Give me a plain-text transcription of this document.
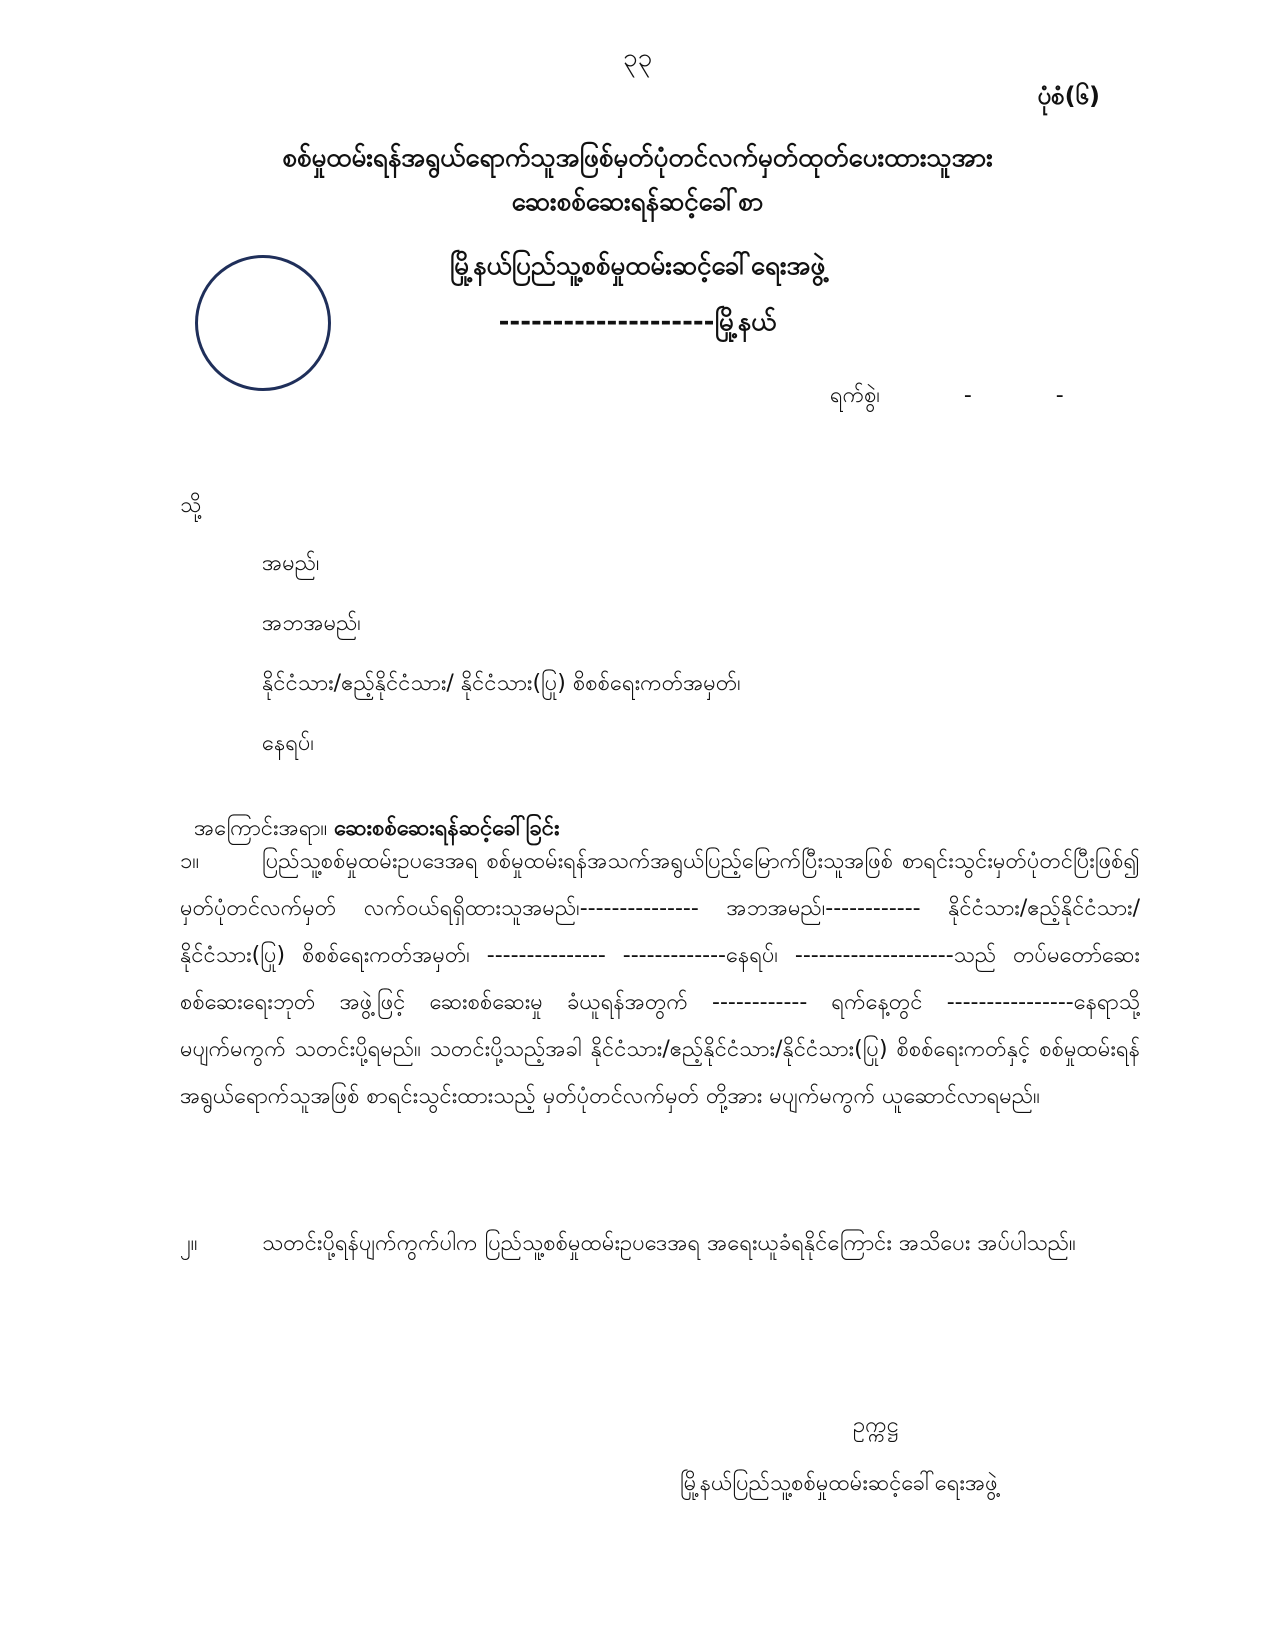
၃၃
ပုံစံ(၆)
စစ်မှုထမ်းရန်အရွယ်ရောက်သူအဖြစ်မှတ်ပုံတင်လက်မှတ်ထုတ်ပေးထားသူအား
ဆေးစစ်ဆေးရန်ဆင့်ခေါ်စာ
မြို့နယ်ပြည်သူ့စစ်မှုထမ်းဆင့်ခေါ်ရေးအဖွဲ့
--------------------မြို့နယ်
ရက်စွဲ၊            -            -
သို့
အမည်၊
အဘအမည်၊
နိုင်ငံသား/ဧည့်နိုင်ငံသား/ နိုင်ငံသား(ပြု) စိစစ်ရေးကတ်အမှတ်၊
နေရပ်၊

အကြောင်းအရာ။ ဆေးစစ်ဆေးရန်ဆင့်ခေါ်ခြင်း

၁။	ပြည်သူ့စစ်မှုထမ်းဥပဒေအရ စစ်မှုထမ်းရန်အသက်အရွယ်ပြည့်မြောက်ပြီးသူအဖြစ် စာရင်းသွင်းမှတ်ပုံတင်ပြီးဖြစ်၍ မှတ်ပုံတင်လက်မှတ် လက်ဝယ်ရရှိထားသူအမည်၊--------------- အဘအမည်၊------------ နိုင်ငံသား/ဧည့်နိုင်ငံသား/ နိုင်ငံသား(ပြု) စိစစ်ရေးကတ်အမှတ်၊ --------------- -------------နေရပ်၊ --------------------သည် တပ်မတော်ဆေးစစ်ဆေးရေးဘုတ် အဖွဲ့ဖြင့် ဆေးစစ်ဆေးမှု ခံယူရန်အတွက် ------------ ရက်နေ့တွင် ----------------နေရာသို့ မပျက်မကွက် သတင်းပို့ရမည်။ သတင်းပို့သည့်အခါ နိုင်ငံသား/ဧည့်နိုင်ငံသား/နိုင်ငံသား(ပြု) စိစစ်ရေးကတ်နှင့် စစ်မှုထမ်းရန်အရွယ်ရောက်သူအဖြစ် စာရင်းသွင်းထားသည့် မှတ်ပုံတင်လက်မှတ် တို့အား မပျက်မကွက် ယူဆောင်လာရမည်။
၂။	သတင်းပို့ရန်ပျက်ကွက်ပါက ပြည်သူ့စစ်မှုထမ်းဥပဒေအရ အရေးယူခံရနိုင်ကြောင်း အသိပေး အပ်ပါသည်။
ဥက္ကဋ္ဌ
မြို့နယ်ပြည်သူ့စစ်မှုထမ်းဆင့်ခေါ်ရေးအဖွဲ့
